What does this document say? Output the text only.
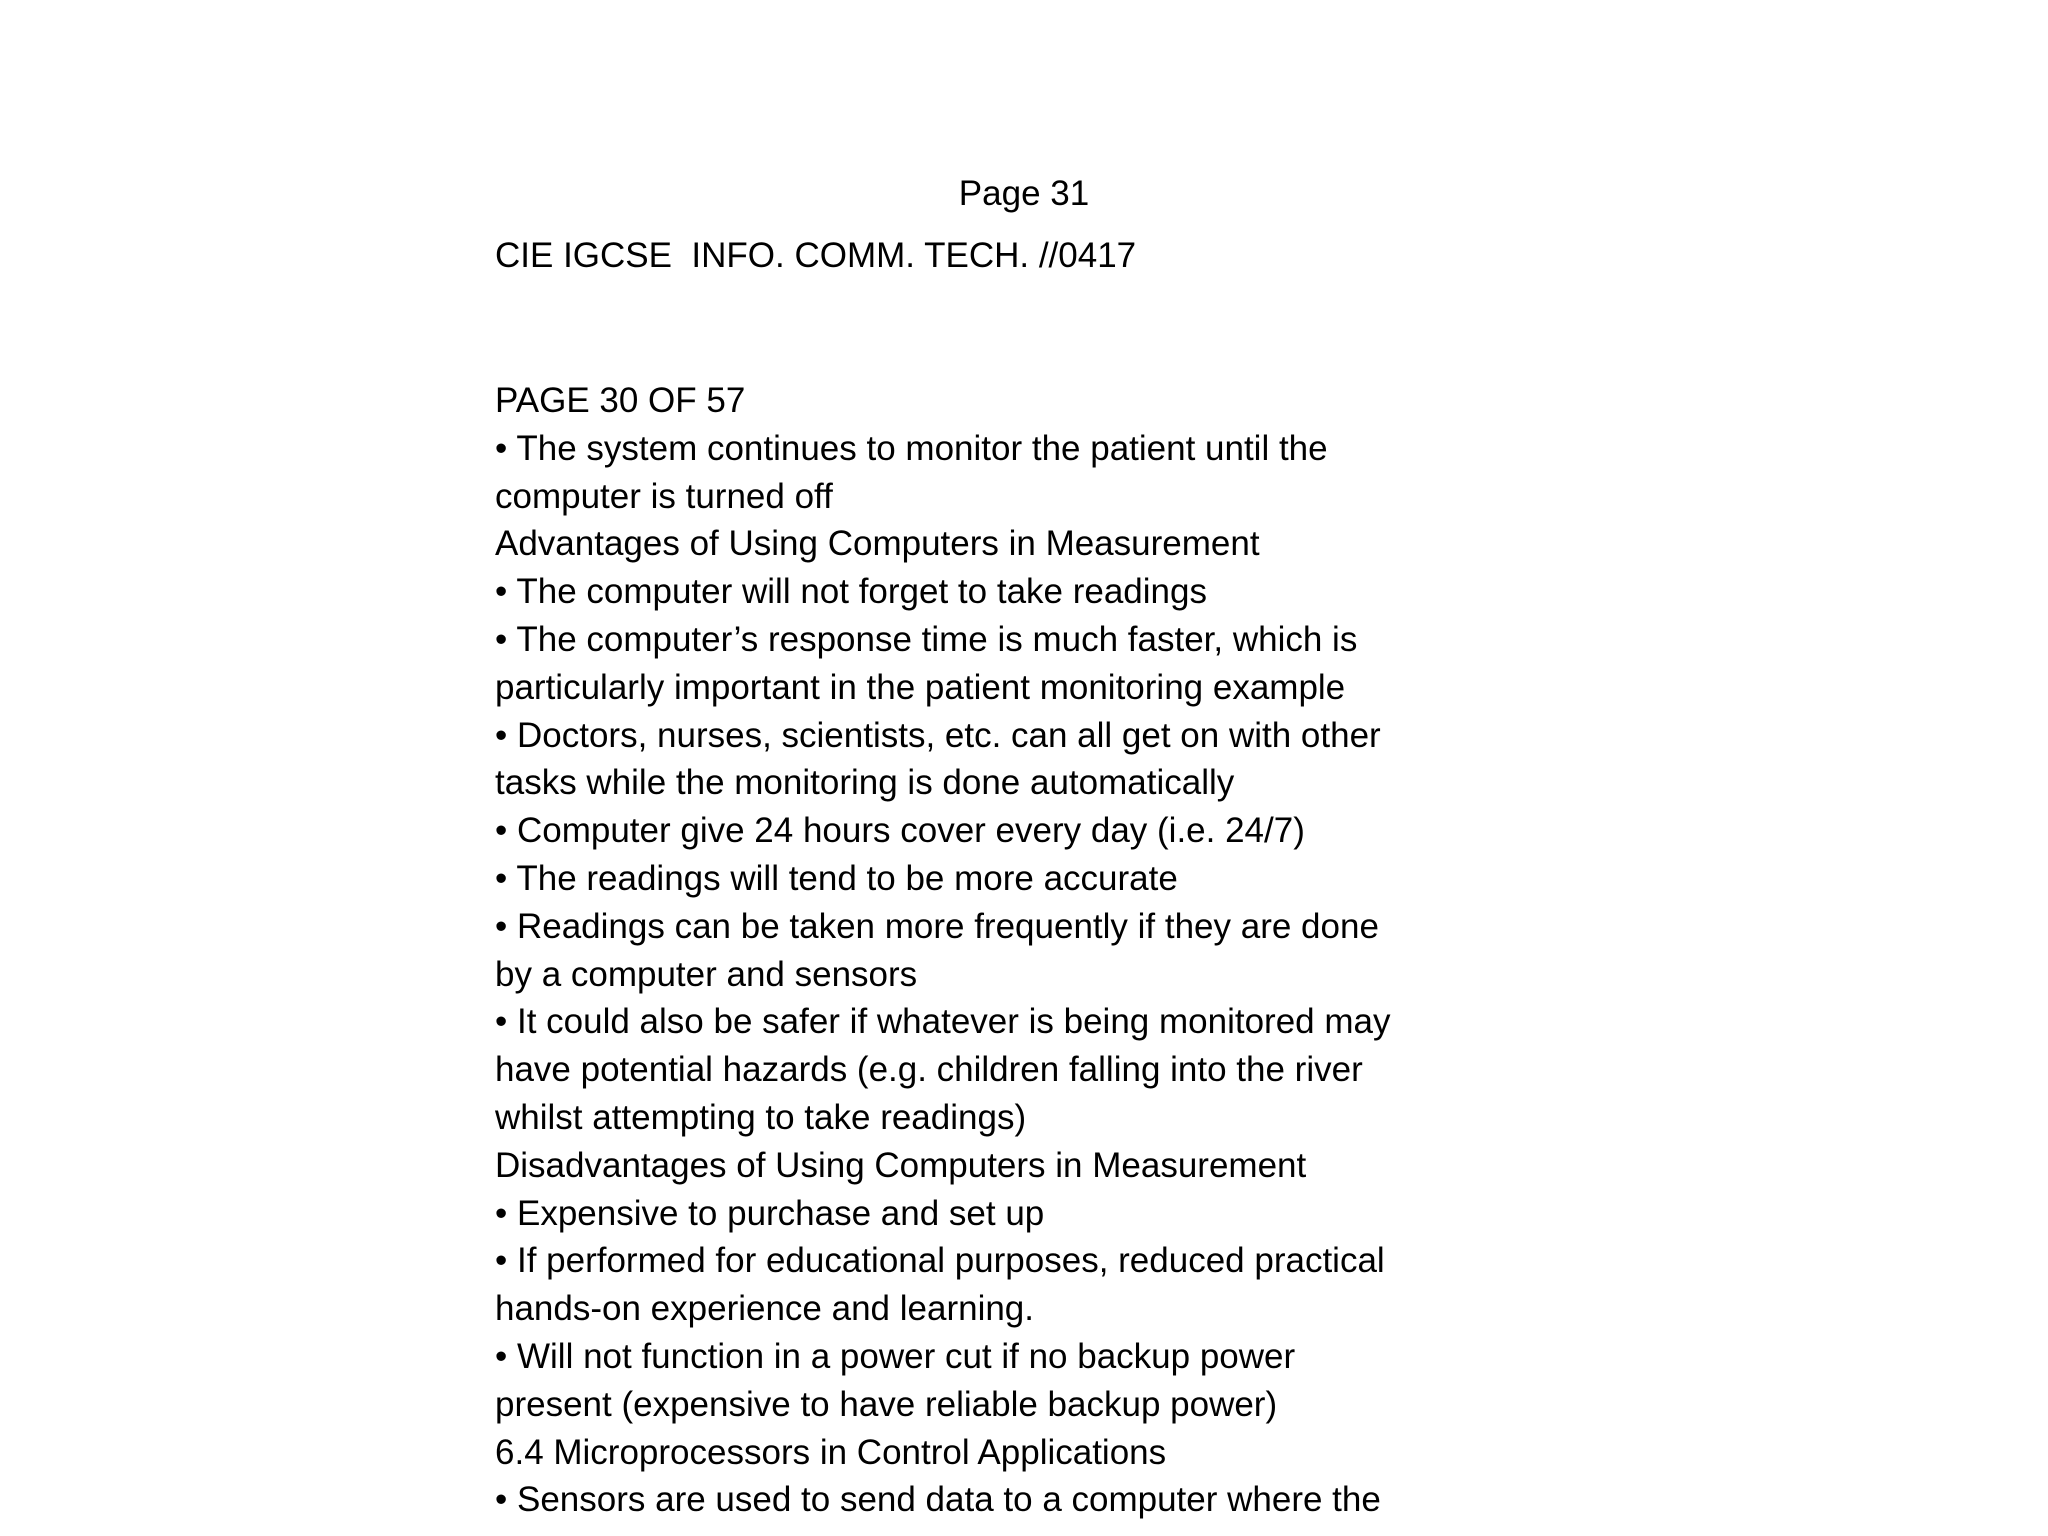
Page 31
CIE IGCSE  INFO. COMM. TECH. //0417
PAGE 30 OF 57
• The system continues to monitor the patient until the
computer is turned off
Advantages of Using Computers in Measurement
• The computer will not forget to take readings
• The computer’s response time is much faster, which is
particularly important in the patient monitoring example
• Doctors, nurses, scientists, etc. can all get on with other
tasks while the monitoring is done automatically
• Computer give 24 hours cover every day (i.e. 24/7)
• The readings will tend to be more accurate
• Readings can be taken more frequently if they are done
by a computer and sensors
• It could also be safer if whatever is being monitored may
have potential hazards (e.g. children falling into the river
whilst attempting to take readings)
Disadvantages of Using Computers in Measurement
• Expensive to purchase and set up
• If performed for educational purposes, reduced practical
hands-on experience and learning.
• Will not function in a power cut if no backup power
present (expensive to have reliable backup power)
6.4 Microprocessors in Control Applications
• Sensors are used to send data to a computer where the
